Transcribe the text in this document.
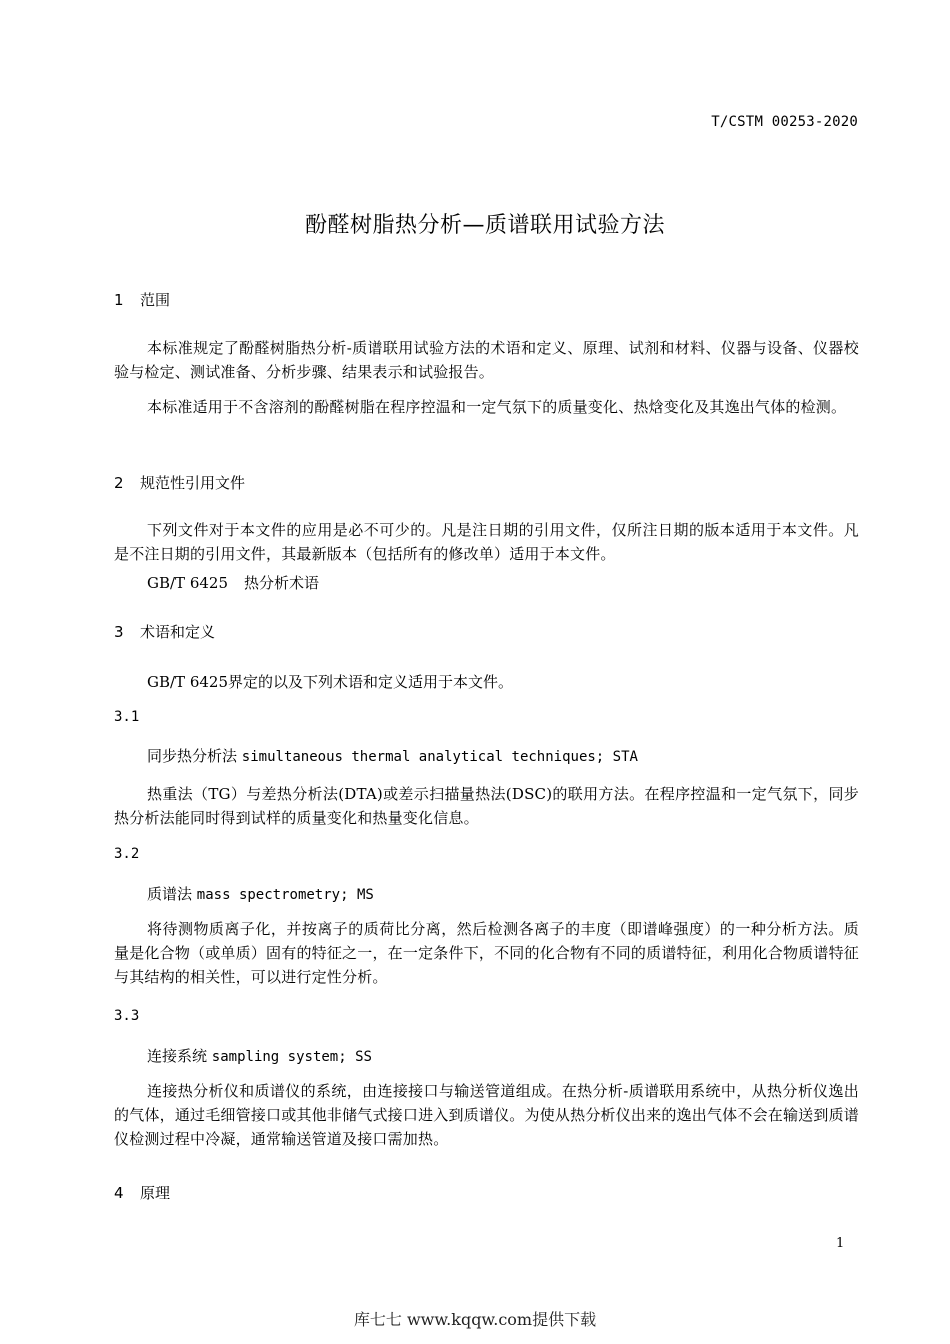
T/CSTM 00253-2020
酚醛树脂热分析—质谱联用试验方法
1 范围
本标准规定了酚醛树脂热分析-质谱联用试验方法的术语和定义、原理、试剂和材料、仪器与设备、仪器校验与检定、测试准备、分析步骤、结果表示和试验报告。
本标准适用于不含溶剂的酚醛树脂在程序控温和一定气氛下的质量变化、热焓变化及其逸出气体的检测。
2 规范性引用文件
下列文件对于本文件的应用是必不可少的。凡是注日期的引用文件，仅所注日期的版本适用于本文件。凡是不注日期的引用文件，其最新版本（包括所有的修改单）适用于本文件。
GB/T 6425 热分析术语
3 术语和定义
GB/T 6425界定的以及下列术语和定义适用于本文件。
3.1
同步热分析法 simultaneous thermal analytical techniques; STA
热重法（TG）与差热分析法(DTA)或差示扫描量热法(DSC)的联用方法。在程序控温和一定气氛下，同步热分析法能同时得到试样的质量变化和热量变化信息。
3.2
质谱法 mass spectrometry; MS
将待测物质离子化，并按离子的质荷比分离，然后检测各离子的丰度（即谱峰强度）的一种分析方法。质量是化合物（或单质）固有的特征之一，在一定条件下，不同的化合物有不同的质谱特征，利用化合物质谱特征与其结构的相关性，可以进行定性分析。
3.3
连接系统 sampling system; SS
连接热分析仪和质谱仪的系统，由连接接口与输送管道组成。在热分析-质谱联用系统中，从热分析仪逸出的气体，通过毛细管接口或其他非储气式接口进入到质谱仪。为使从热分析仪出来的逸出气体不会在输送到质谱仪检测过程中冷凝，通常输送管道及接口需加热。
4 原理
1
库七七 www.kqqw.com提供下载
